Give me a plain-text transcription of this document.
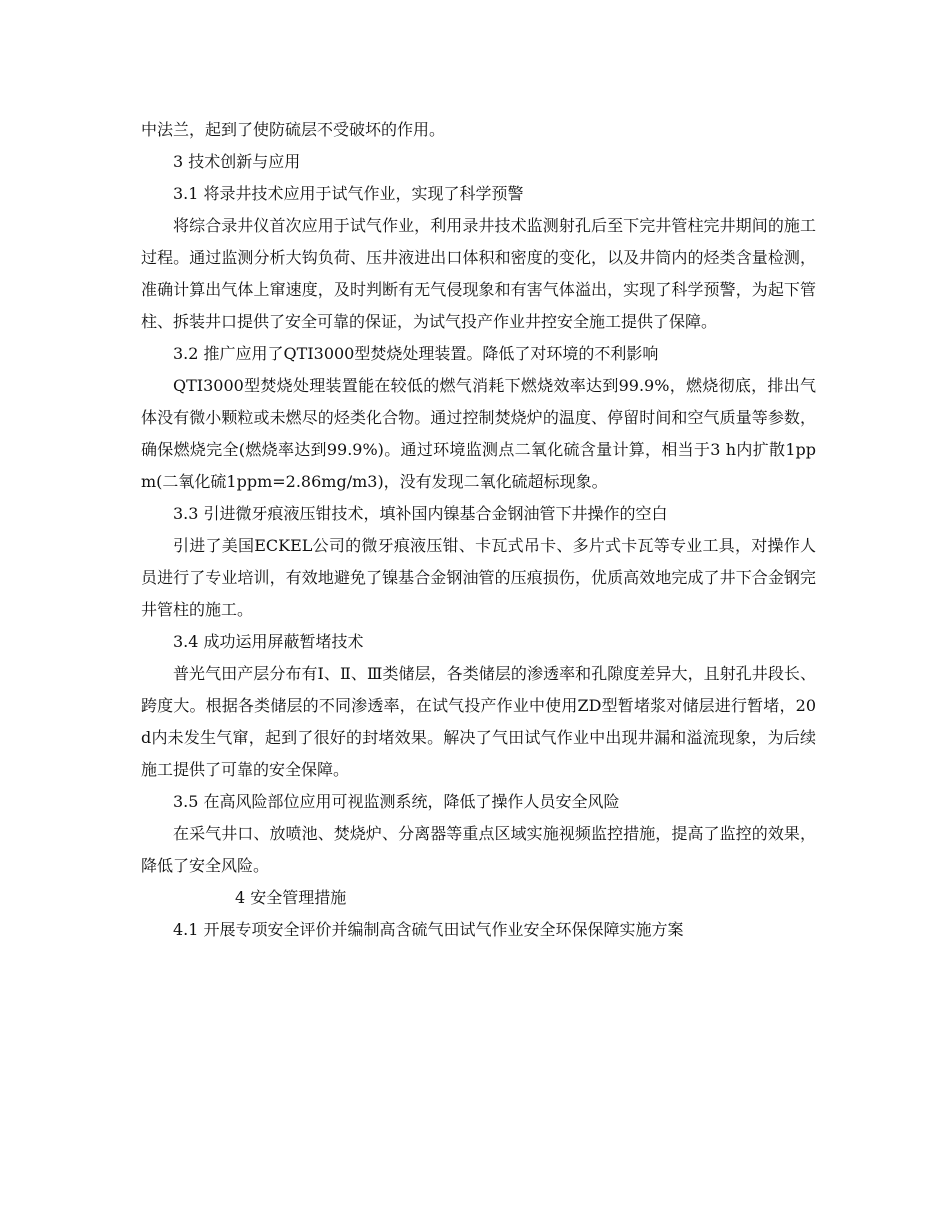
中法兰，起到了使防硫层不受破坏的作用。

3 技术创新与应用

3.1 将录井技术应用于试气作业，实现了科学预警

将综合录井仪首次应用于试气作业，利用录井技术监测射孔后至下完井管柱完井期间的施工过程。通过监测分析大钩负荷、压井液进出口体积和密度的变化，以及井筒内的烃类含量检测，准确计算出气体上窜速度，及时判断有无气侵现象和有害气体溢出，实现了科学预警，为起下管柱、拆装井口提供了安全可靠的保证，为试气投产作业井控安全施工提供了保障。

3.2 推广应用了QTI3000型焚烧处理装置。降低了对环境的不利影响

QTI3000型焚烧处理装置能在较低的燃气消耗下燃烧效率达到99.9%，燃烧彻底，排出气体没有微小颗粒或未燃尽的烃类化合物。通过控制焚烧炉的温度、停留时间和空气质量等参数，确保燃烧完全(燃烧率达到99.9%)。通过环境监测点二氧化硫含量计算，相当于3 h内扩散1ppm(二氧化硫1ppm=2.86mg/m3)，没有发现二氧化硫超标现象。

3.3 引进微牙痕液压钳技术，填补国内镍基合金钢油管下井操作的空白

引进了美国ECKEL公司的微牙痕液压钳、卡瓦式吊卡、多片式卡瓦等专业工具，对操作人员进行了专业培训，有效地避免了镍基合金钢油管的压痕损伤，优质高效地完成了井下合金钢完井管柱的施工。

3.4 成功运用屏蔽暂堵技术

普光气田产层分布有Ⅰ、Ⅱ、Ⅲ类储层，各类储层的渗透率和孔隙度差异大，且射孔井段长、跨度大。根据各类储层的不同渗透率，在试气投产作业中使用ZD型暂堵浆对储层进行暂堵，20d内未发生气窜，起到了很好的封堵效果。解决了气田试气作业中出现井漏和溢流现象，为后续施工提供了可靠的安全保障。

3.5 在高风险部位应用可视监测系统，降低了操作人员安全风险

在采气井口、放喷池、焚烧炉、分离器等重点区域实施视频监控措施，提高了监控的效果，降低了安全风险。

4 安全管理措施

4.1 开展专项安全评价并编制高含硫气田试气作业安全环保保障实施方案
